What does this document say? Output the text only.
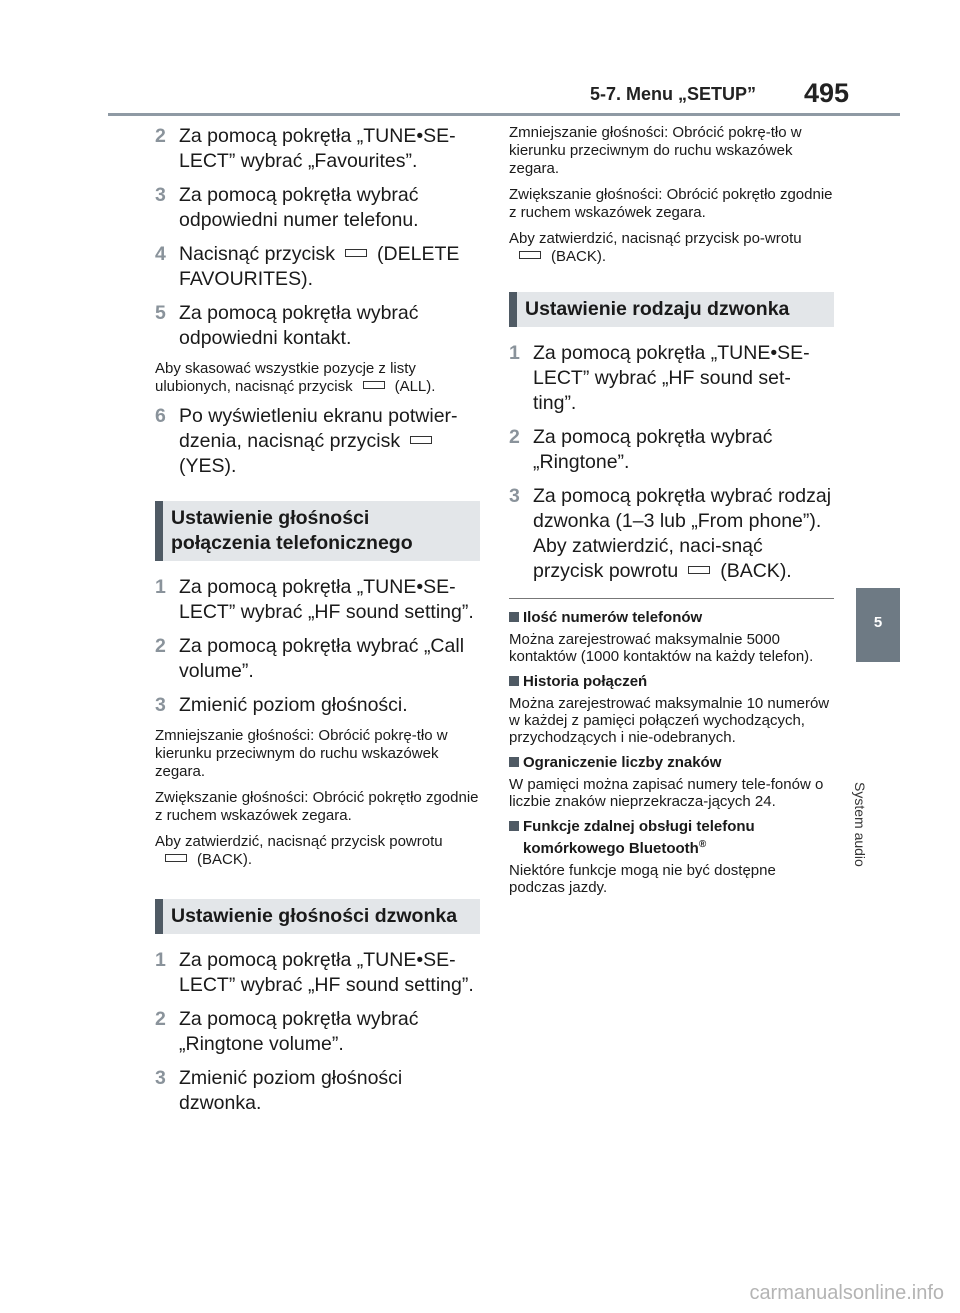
5-7. Menu „SETUP” 495
5
System audio
2 Za pomocą pokrętła „TUNE•SE-LECT” wybrać „Favourites”.
3 Za pomocą pokrętła wybrać odpowiedni numer telefonu.
4 Nacisnąć przycisk (DELETE FAVOURITES).
5 Za pomocą pokrętła wybrać odpowiedni kontakt.
Aby skasować wszystkie pozycje z listy ulubionych, nacisnąć przycisk	(ALL).
6 Po wyświetleniu ekranu potwier-dzenia, nacisnąć przycisk(YES).
Ustawienie głośności połączenia telefonicznego
1 Za pomocą pokrętła „TUNE•SE-LECT” wybrać „HF sound setting”.
2 Za pomocą pokrętła wybrać „Call volume”.
3 Zmienić poziom głośności.
Zmniejszanie głośności: Obrócić pokrę-tło w kierunku przeciwnym do ruchu wskazówek zegara.
Zwiększanie głośności: Obrócić pokrętło zgodnie z ruchem wskazówek zegara.
Aby zatwierdzić, nacisnąć przycisk powrotu(BACK).
Ustawienie głośności dzwonka
1 Za pomocą pokrętła „TUNE•SE-LECT” wybrać „HF sound setting”.
2 Za pomocą pokrętła wybrać „Ringtone volume”.
3 Zmienić poziom głośności dzwonka.
Zmniejszanie głośności: Obrócić pokrę-tło w kierunku przeciwnym do ruchu wskazówek zegara.
Zwiększanie głośności: Obrócić pokrętło zgodnie z ruchem wskazówek zegara.
Aby zatwierdzić, nacisnąć przycisk po-wrotu(BACK).
Ustawienie rodzaju dzwonka
1 Za pomocą pokrętła „TUNE•SE-LECT” wybrać „HF sound set-ting”.
2 Za pomocą pokrętła wybrać „Ringtone”.
3 Za pomocą pokrętła wybrać rodzaj dzwonka (1–3 lub „From phone”). Aby zatwierdzić, naci-snąć przycisk powrotu (BACK).
Ilość numerów telefonów
Można zarejestrować maksymalnie 5000 kontaktów (1000 kontaktów na każdy telefon).
Historia połączeń
Można zarejestrować maksymalnie 10 numerów w każdej z pamięci połączeń wychodzących, przychodzących i nie-odebranych.
Ograniczenie liczby znaków
W pamięci można zapisać numery tele-fonów o liczbie znaków nieprzekracza-jących 24.
Funkcje zdalnej obsługi telefonu komórkowego Bluetooth®
Niektóre funkcje mogą nie być dostępne podczas jazdy.
carmanualsonline.info
